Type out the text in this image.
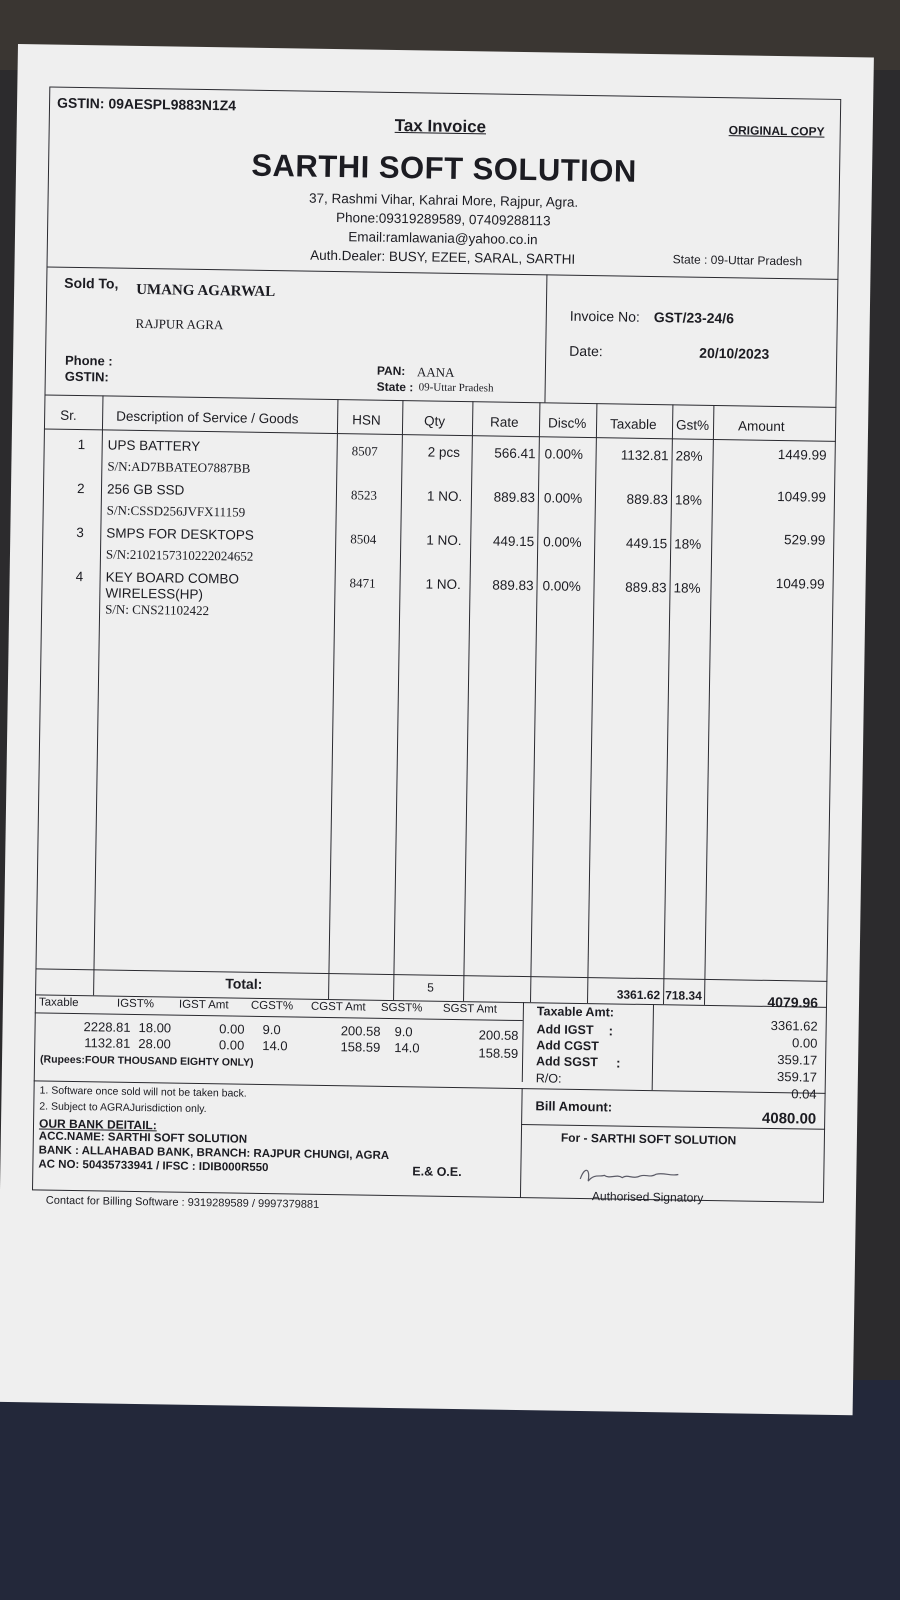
GSTIN: 09AESPL9883N1Z4
Tax Invoice	ORIGINAL COPY
SARTHI SOFT SOLUTION
37, Rashmi Vihar, Kahrai More, Rajpur, Agra.
Phone:09319289589, 07409288113
Email:ramlawania@yahoo.co.in
Auth.Dealer: BUSY, EZEE, SARAL, SARTHI	State : 09-Uttar Pradesh
Sold To, UMANG AGARWAL
RAJPUR AGRA
Phone :
GSTIN:	PAN: AANA
State : 09-Uttar Pradesh
Invoice No: GST/23-24/6
Date:	20/10/2023
Sr.	Description of Service / Goods	HSN	Qty	Rate Disc% Taxable Gst% Amount
1 UPS BATTERY
S/N:AD7BBATEO7887BB
8507	2 pcs	566.41 0.00%	1132.81 28%	1449.99
2 256 GB SSD
S/N:CSSD256JVFX11159
8523	1 NO.	889.83 0.00%	889.83 18%	1049.99
3 SMPS FOR DESKTOPS
S/N:2102157310222024652
8504	1 NO.	449.15 0.00%	449.15 18%	529.99
4 KEY BOARD COMBO
WIRELESS(HP)
S/N: CNS21102422
8471	1 NO.	889.83 0.00%	889.83 18%	1049.99
Total:	5	3361.62 718.34	4079.96
Taxable	IGST% IGST Amt CGST% CGST Amt SGST% SGST Amt
2228.81 18.00	0.00 9.0	200.58 9.0	200.58
1132.81 28.00	0.00 14.0	158.59 14.0	158.59
(Rupees:FOUR THOUSAND EIGHTY ONLY)
Taxable Amt:
3361.62
Add IGST :
0.00
Add CGST
359.17
Add SGST :
359.17
R/O:
0.04
Bill Amount:
4080.00
1. Software once sold will not be taken back.
2. Subject to AGRAJurisdiction only.
OUR BANK DEITAIL:
ACC.NAME: SARTHI SOFT SOLUTION
BANK : ALLAHABAD BANK, BRANCH: RAJPUR CHUNGI, AGRA
AC NO: 50435733941 / IFSC : IDIB000R550	E.& O.E.
For - SARTHI SOFT SOLUTION
Authorised Signatory
Contact for Billing Software : 9319289589 / 9997379881
